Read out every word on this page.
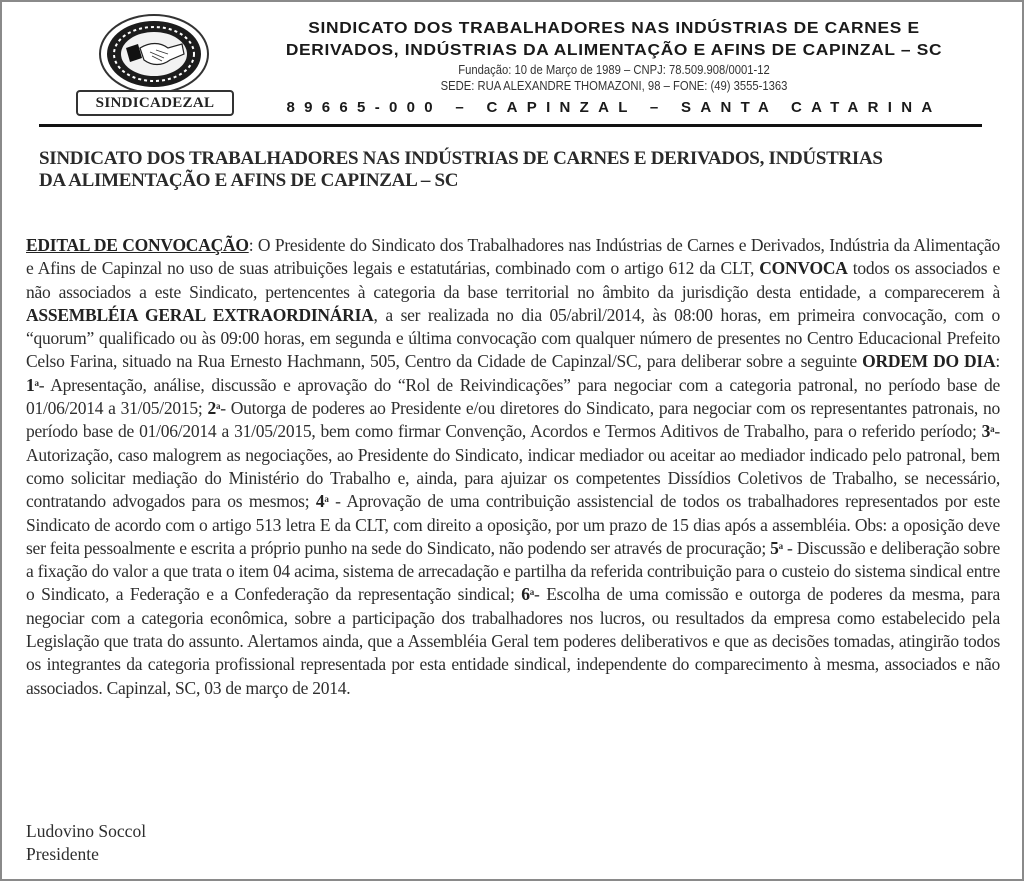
SINDICADEZAL
SINDICATO DOS TRABALHADORES NAS INDÚSTRIAS DE CARNES E
DERIVADOS, INDÚSTRIAS DA ALIMENTAÇÃO E AFINS DE CAPINZAL – SC
Fundação: 10 de Março de 1989 – CNPJ: 78.509.908/0001-12
SEDE: RUA ALEXANDRE THOMAZONI, 98 – FONE: (49) 3555-1363
89665-000 – CAPINZAL – SANTA CATARINA
SINDICATO DOS TRABALHADORES NAS INDÚSTRIAS DE CARNES E DERIVADOS, INDÚSTRIAS
DA ALIMENTAÇÃO E AFINS DE CAPINZAL – SC
EDITAL DE CONVOCAÇÃO: O Presidente do Sindicato dos Trabalhadores nas Indústrias de Carnes e Derivados, Indústria da Alimentação e Afins de Capinzal no uso de suas atribuições legais e estatutárias, combinado com o artigo 612 da CLT, CONVOCA todos os associados e não associados a este Sindicato, pertencentes à categoria da base territorial no âmbito da jurisdição desta entidade, a comparecerem à ASSEMBLÉIA GERAL EXTRAORDINÁRIA, a ser realizada no dia 05/abril/2014, às 08:00 horas, em primeira convocação, com o “quorum” qualificado ou às 09:00 horas, em segunda e última convocação com qualquer número de presentes no Centro Educacional Prefeito Celso Farina, situado na Rua Ernesto Hachmann, 505, Centro da Cidade de Capinzal/SC, para deliberar sobre a seguinte ORDEM DO DIA: 1$^a$- Apresentação, análise, discussão e aprovação do “Rol de Reivindicações” para negociar com a categoria patronal, no período base de 01/06/2014 a 31/05/2015; 2$^a$- Outorga de poderes ao Presidente e/ou diretores do Sindicato, para negociar com os representantes patronais, no período base de 01/06/2014 a 31/05/2015, bem como firmar Convenção, Acordos e Termos Aditivos de Trabalho, para o referido período; 3$^a$- Autorização, caso malogrem as negociações, ao Presidente do Sindicato, indicar mediador ou aceitar ao mediador indicado pelo patronal, bem como solicitar mediação do Ministério do Trabalho e, ainda, para ajuizar os competentes Dissídios Coletivos de Trabalho, se necessário, contratando advogados para os mesmos; 4$^a$ - Aprovação de uma contribuição assistencial de todos os trabalhadores representados por este Sindicato de acordo com o artigo 513 letra E da CLT, com direito a oposição, por um prazo de 15 dias após a assembléia. Obs: a oposição deve ser feita pessoalmente e escrita a próprio punho na sede do Sindicato, não podendo ser através de procuração; 5$^a$ - Discussão e deliberação sobre a fixação do valor a que trata o item 04 acima, sistema de arrecadação e partilha da referida contribuição para o custeio do sistema sindical entre o Sindicato, a Federação e a Confederação da representação sindical; 6$^a$- Escolha de uma comissão e outorga de poderes da mesma, para negociar com a categoria econômica, sobre a participação dos trabalhadores nos lucros, ou resultados da empresa como estabelecido pela Legislação que trata do assunto. Alertamos ainda, que a Assembléia Geral tem poderes deliberativos e que as decisões tomadas, atingirão todos os integrantes da categoria profissional representada por esta entidade sindical, independente do comparecimento à mesma, associados e não associados. Capinzal, SC, 03 de março de 2014.
Ludovino Soccol
Presidente
